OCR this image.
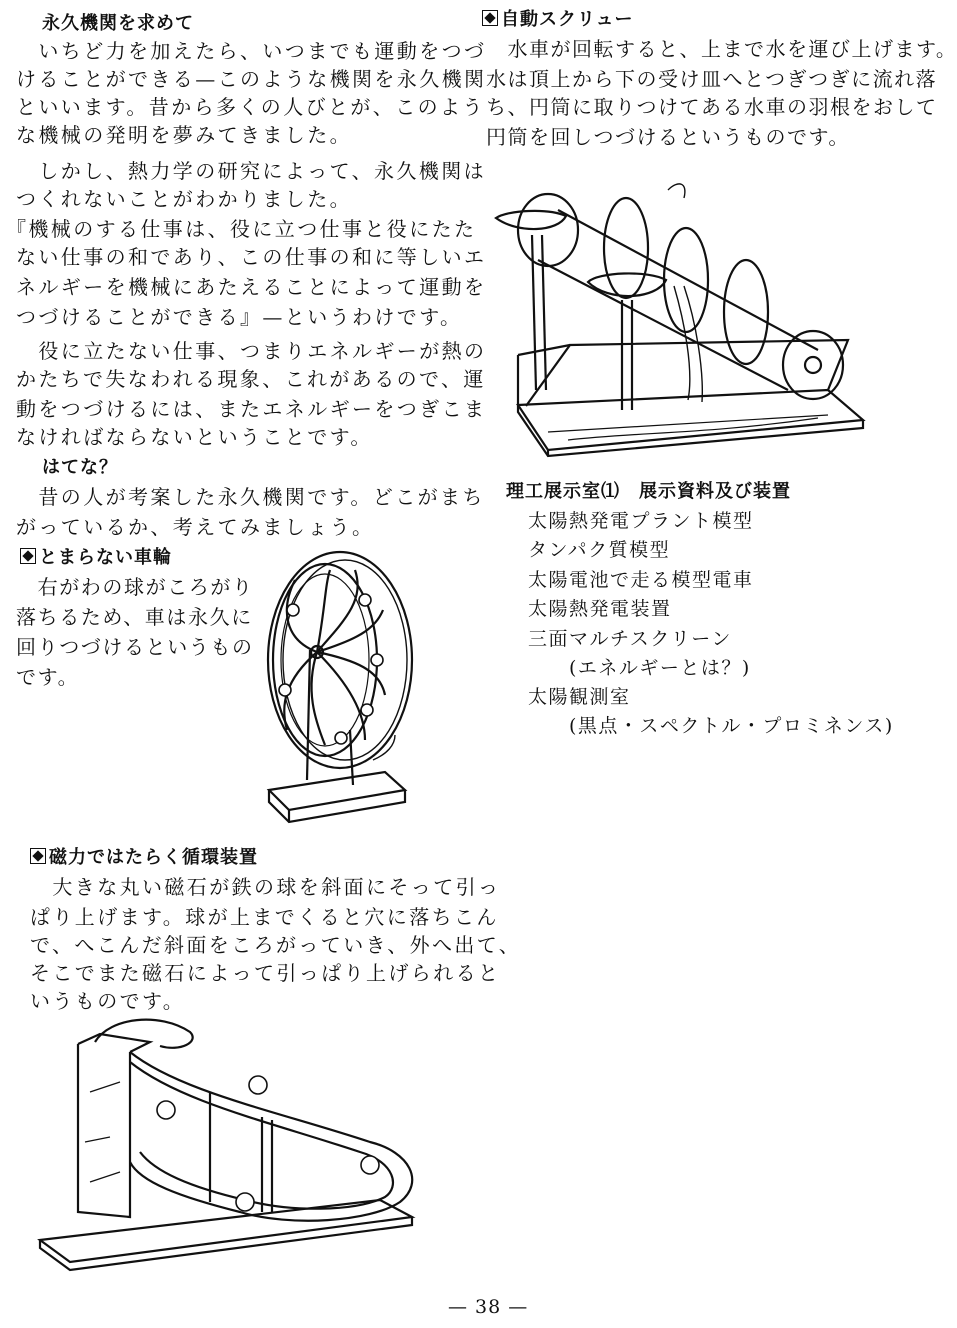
永久機関を求めて
　いちど力を加えたら、いつまでも運動をつづ
けることができる—このような機関を永久機関
といいます。昔から多くの人びとが、このよう
な機械の発明を夢みてきました。
　しかし、熱力学の研究によって、永久機関は
つくれないことがわかりました。
『機械のする仕事は、役に立つ仕事と役にたた
ない仕事の和であり、この仕事の和に等しいエ
ネルギーを機械にあたえることによって運動を
つづけることができる』—というわけです。
　役に立たない仕事、つまりエネルギーが熱の
かたちで失なわれる現象、これがあるので、運
動をつづけるには、またエネルギーをつぎこま
なければならないということです。
はてな？
　昔の人が考案した永久機関です。どこがまち
がっているか、考えてみましょう。
とまらない車輪
　右がわの球がころがり
落ちるため、車は永久に
回りつづけるというもの
です。
磁力ではたらく循環装置
　大きな丸い磁石が鉄の球を斜面にそって引っ
ぱり上げます。球が上までくると穴に落ちこん
で、へこんだ斜面をころがっていき、外へ出て、
そこでまた磁石によって引っぱり上げられると
いうものです。
自動スクリュー
　水車が回転すると、上まで水を運び上げます。
水は頂上から下の受け皿へとつぎつぎに流れ落
ち、円筒に取りつけてある水車の羽根をおして
円筒を回しつづけるというものです。
理工展示室⑴　展示資料及び装置
太陽熱発電プラント模型
タンパク質模型
太陽電池で走る模型電車
太陽熱発電装置
三面マルチスクリーン
　　(エネルギーとは？)
太陽観測室
　　(黒点・スペクトル・プロミネンス)
— 38 —
